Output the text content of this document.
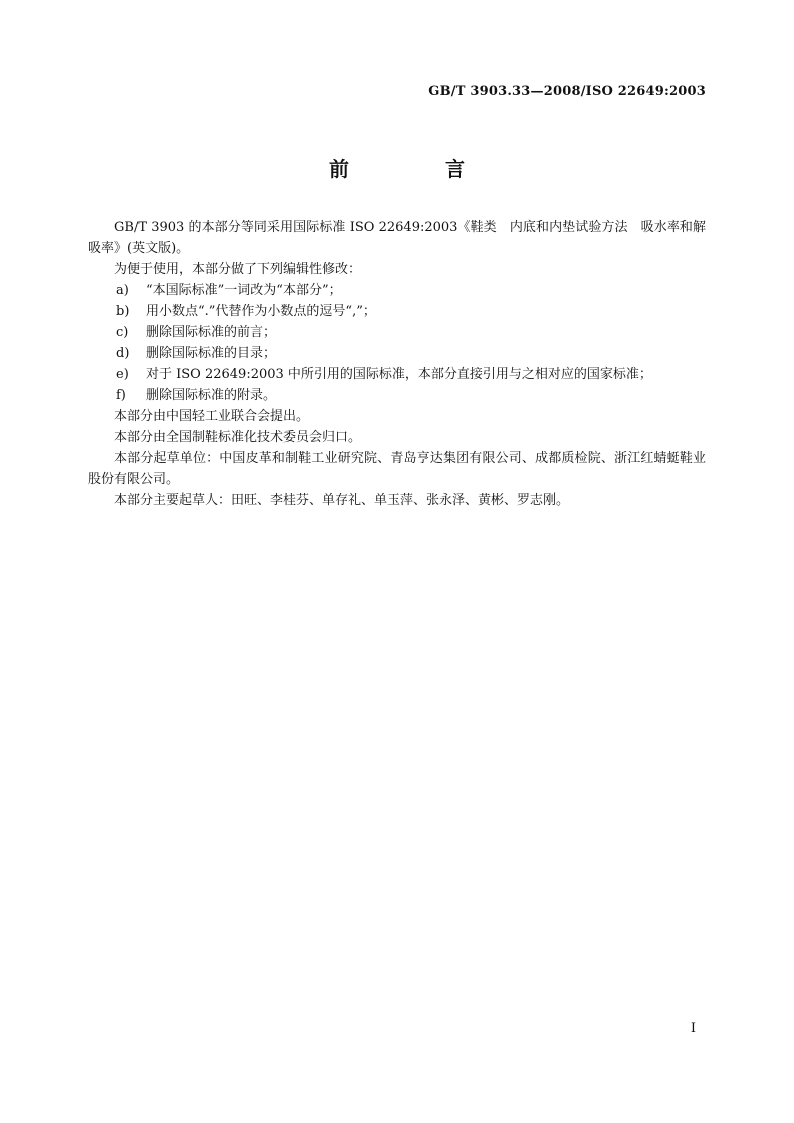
GB/T 3903.33—2008/ISO 22649:2003
前　言

GB/T 3903 的本部分等同采用国际标准 ISO 22649:2003《鞋类　内底和内垫试验方法　吸水率和解吸率》(英文版)。

为便于使用，本部分做了下列编辑性修改：

a) “本国际标准”一词改为“本部分”；

b) 用小数点“.”代替作为小数点的逗号“,”；

c) 删除国际标准的前言；

d) 删除国际标准的目录；

e) 对于 ISO 22649:2003 中所引用的国际标准，本部分直接引用与之相对应的国家标准；

f) 删除国际标准的附录。

本部分由中国轻工业联合会提出。

本部分由全国制鞋标准化技术委员会归口。

本部分起草单位：中国皮革和制鞋工业研究院、青岛亨达集团有限公司、成都质检院、浙江红蜻蜓鞋业股份有限公司。

本部分主要起草人：田旺、李桂芬、单存礼、单玉萍、张永泽、黄彬、罗志刚。

I
